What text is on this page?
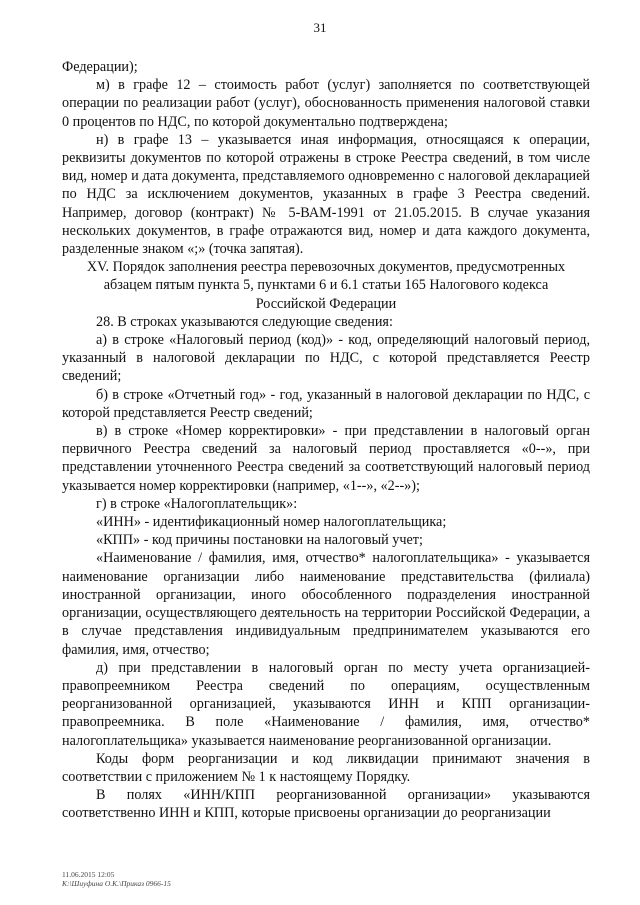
31

Федерации);

м) в графе 12 – стоимость работ (услуг) заполняется по соответствующей операции по реализации работ (услуг), обоснованность применения налоговой ставки 0 процентов по НДС, по которой документально подтверждена;

н) в графе 13 – указывается иная информация, относящаяся к операции, реквизиты документов по которой отражены в строке Реестра сведений, в том числе вид, номер и дата документа, представляемого одновременно с налоговой декларацией по НДС за исключением документов, указанных в графе 3 Реестра сведений. Например, договор (контракт) № 5-ВАМ-1991 от 21.05.2015. В случае указания нескольких документов, в графе отражаются вид, номер и дата каждого документа, разделенные знаком «;» (точка запятая).

XV. Порядок заполнения реестра перевозочных документов, предусмотренных абзацем пятым пункта 5, пунктами 6 и 6.1 статьи 165 Налогового кодекса Российской Федерации

28. В строках указываются следующие сведения:

а) в строке «Налоговый период (код)» - код, определяющий налоговый период, указанный в налоговой декларации по НДС, с которой представляется Реестр сведений;

б) в строке «Отчетный год» - год, указанный в налоговой декларации по НДС, с которой представляется Реестр сведений;

в) в строке «Номер корректировки» - при представлении в налоговый орган первичного Реестра сведений за налоговый период проставляется «0--», при представлении уточненного Реестра сведений за соответствующий налоговый период указывается номер корректировки (например, «1--», «2--»);

г) в строке «Налогоплательщик»:

«ИНН» - идентификационный номер налогоплательщика;

«КПП» - код причины постановки на налоговый учет;

«Наименование / фамилия, имя, отчество* налогоплательщика» - указывается наименование организации либо наименование представительства (филиала) иностранной организации, иного обособленного подразделения иностранной организации, осуществляющего деятельность на территории Российской Федерации, а в случае представления индивидуальным предпринимателем указываются его фамилия, имя, отчество;

д) при представлении в налоговый орган по месту учета организацией-правопреемником Реестра сведений по операциям, осуществленным реорганизованной организацией, указываются ИНН и КПП организации-правопреемника. В поле «Наименование / фамилия, имя, отчество* налогоплательщика» указывается наименование реорганизованной организации.

Коды форм реорганизации и код ликвидации принимают значения в соответствии с приложением № 1 к настоящему Порядку.

В полях «ИНН/КПП реорганизованной организации» указываются соответственно ИНН и КПП, которые присвоены организации до реорганизации

11.06.2015 12:05
К:\Шиуфина О.К.\Приказ 0966-15
